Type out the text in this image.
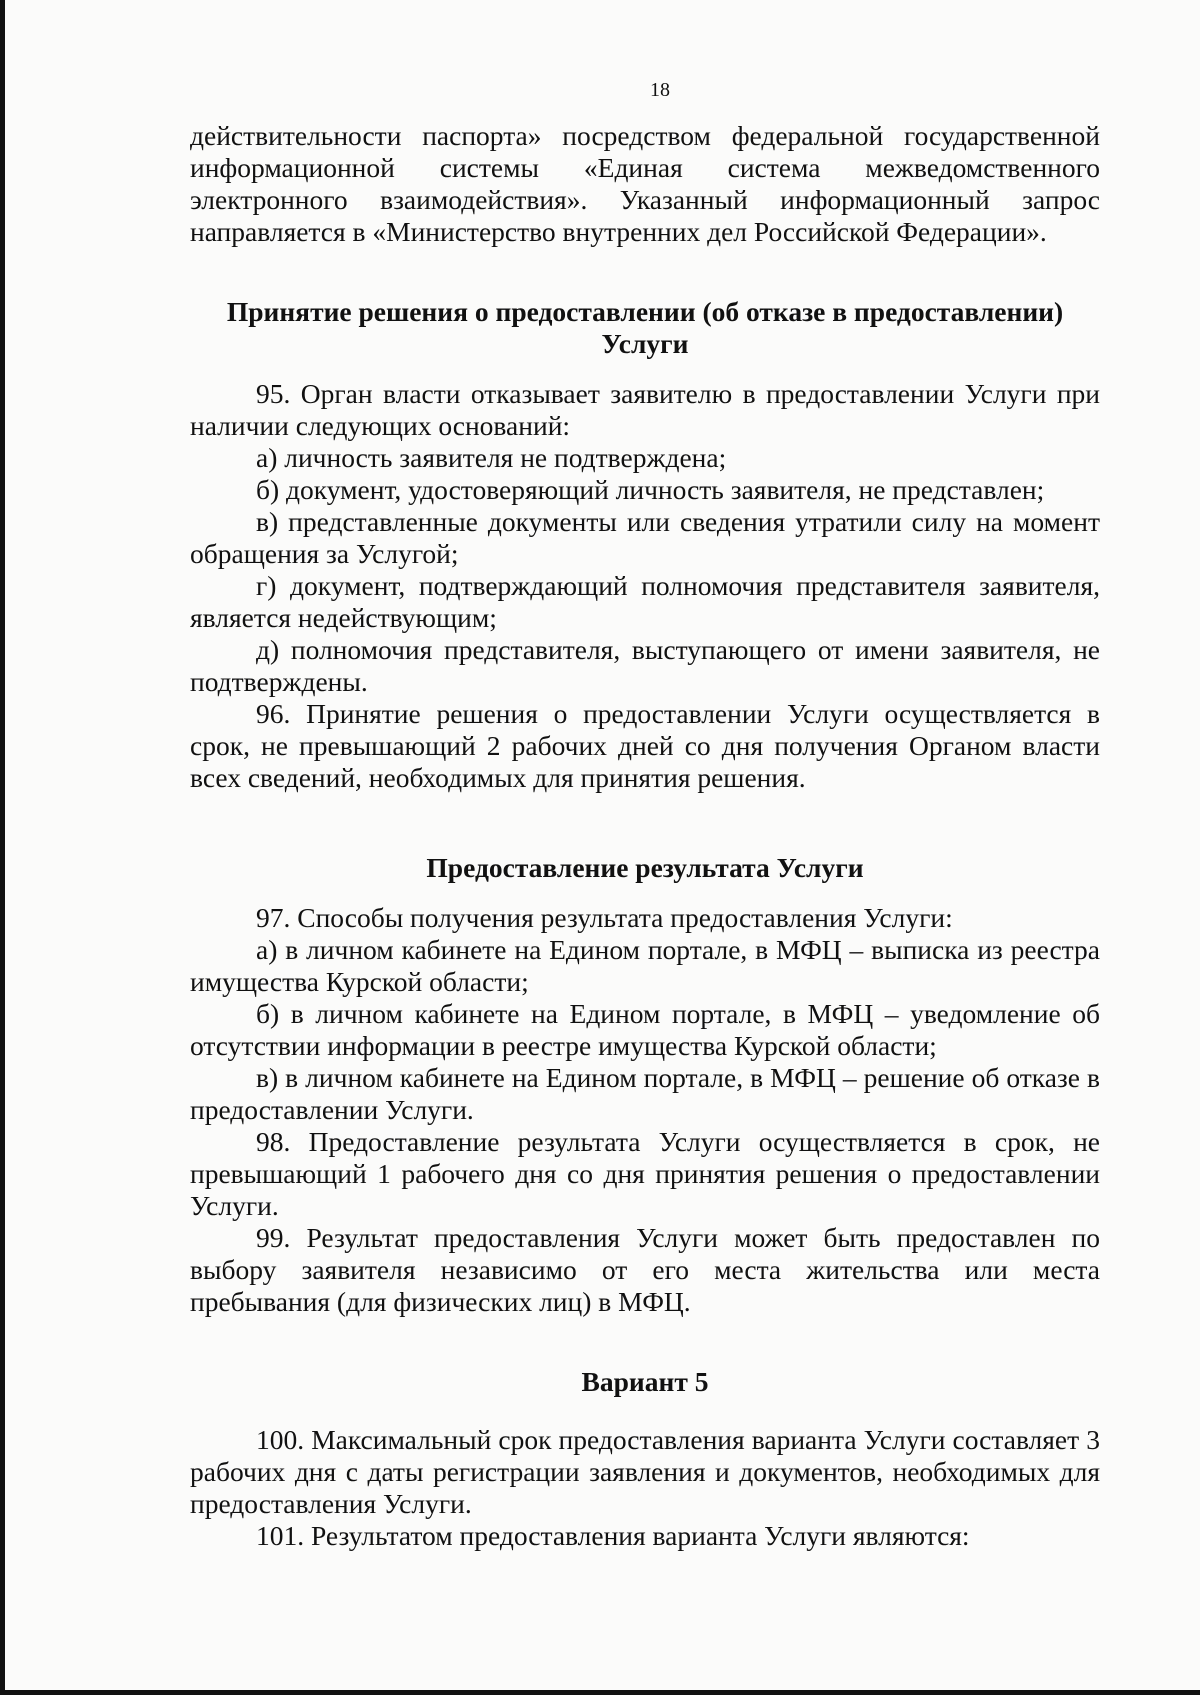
18

действительности паспорта» посредством федеральной государственной информационной системы «Единая система межведомственного электронного взаимодействия». Указанный информационный запрос направляется в «Министерство внутренних дел Российской Федерации».

Принятие решения о предоставлении (об отказе в предоставлении) Услуги

95. Орган власти отказывает заявителю в предоставлении Услуги при наличии следующих оснований:

а) личность заявителя не подтверждена;

б) документ, удостоверяющий личность заявителя, не представлен;

в) представленные документы или сведения утратили силу на момент обращения за Услугой;

г) документ, подтверждающий полномочия представителя заявителя, является недействующим;

д) полномочия представителя, выступающего от имени заявителя, не подтверждены.

96. Принятие решения о предоставлении Услуги осуществляется в срок, не превышающий 2 рабочих дней со дня получения Органом власти всех сведений, необходимых для принятия решения.

Предоставление результата Услуги

97. Способы получения результата предоставления Услуги:

а) в личном кабинете на Едином портале, в МФЦ – выписка из реестра имущества Курской области;

б) в личном кабинете на Едином портале, в МФЦ – уведомление об отсутствии информации в реестре имущества Курской области;

в) в личном кабинете на Едином портале, в МФЦ – решение об отказе в предоставлении Услуги.

98. Предоставление результата Услуги осуществляется в срок, не превышающий 1 рабочего дня со дня принятия решения о предоставлении Услуги.

99. Результат предоставления Услуги может быть предоставлен по выбору заявителя независимо от его места жительства или места пребывания (для физических лиц) в МФЦ.

Вариант 5

100. Максимальный срок предоставления варианта Услуги составляет 3 рабочих дня с даты регистрации заявления и документов, необходимых для предоставления Услуги.

101. Результатом предоставления варианта Услуги являются:
